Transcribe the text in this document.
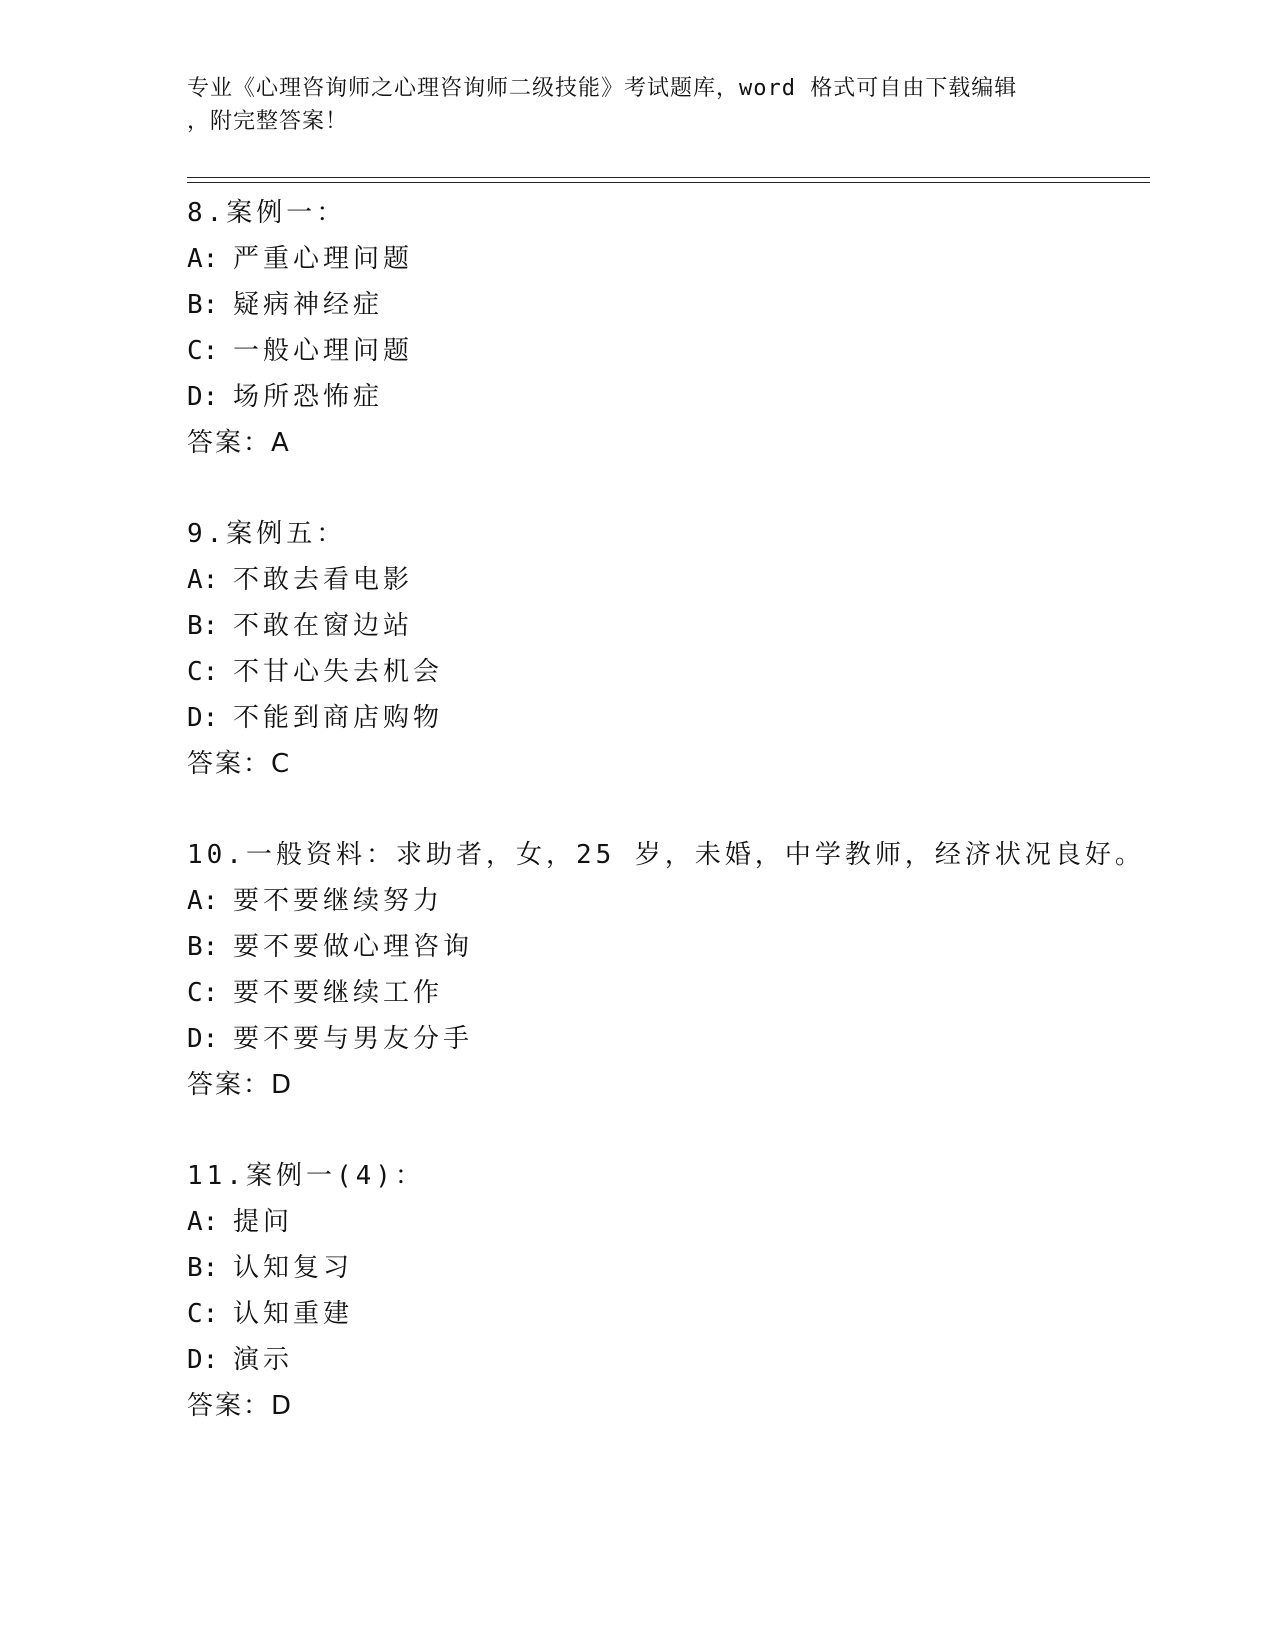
专业《心理咨询师之心理咨询师二级技能》考试题库，word 格式可自由下载编辑
，附完整答案！
8.案例一：
A: 严重心理问题
B: 疑病神经症
C: 一般心理问题
D: 场所恐怖症
答案：A
9.案例五：
A: 不敢去看电影
B: 不敢在窗边站
C: 不甘心失去机会
D: 不能到商店购物
答案：C
10.一般资料：求助者，女，25 岁，未婚，中学教师，经济状况良好。
A: 要不要继续努力
B: 要不要做心理咨询
C: 要不要继续工作
D: 要不要与男友分手
答案：D
11.案例一(4)：
A: 提问
B: 认知复习
C: 认知重建
D: 演示
答案：D
